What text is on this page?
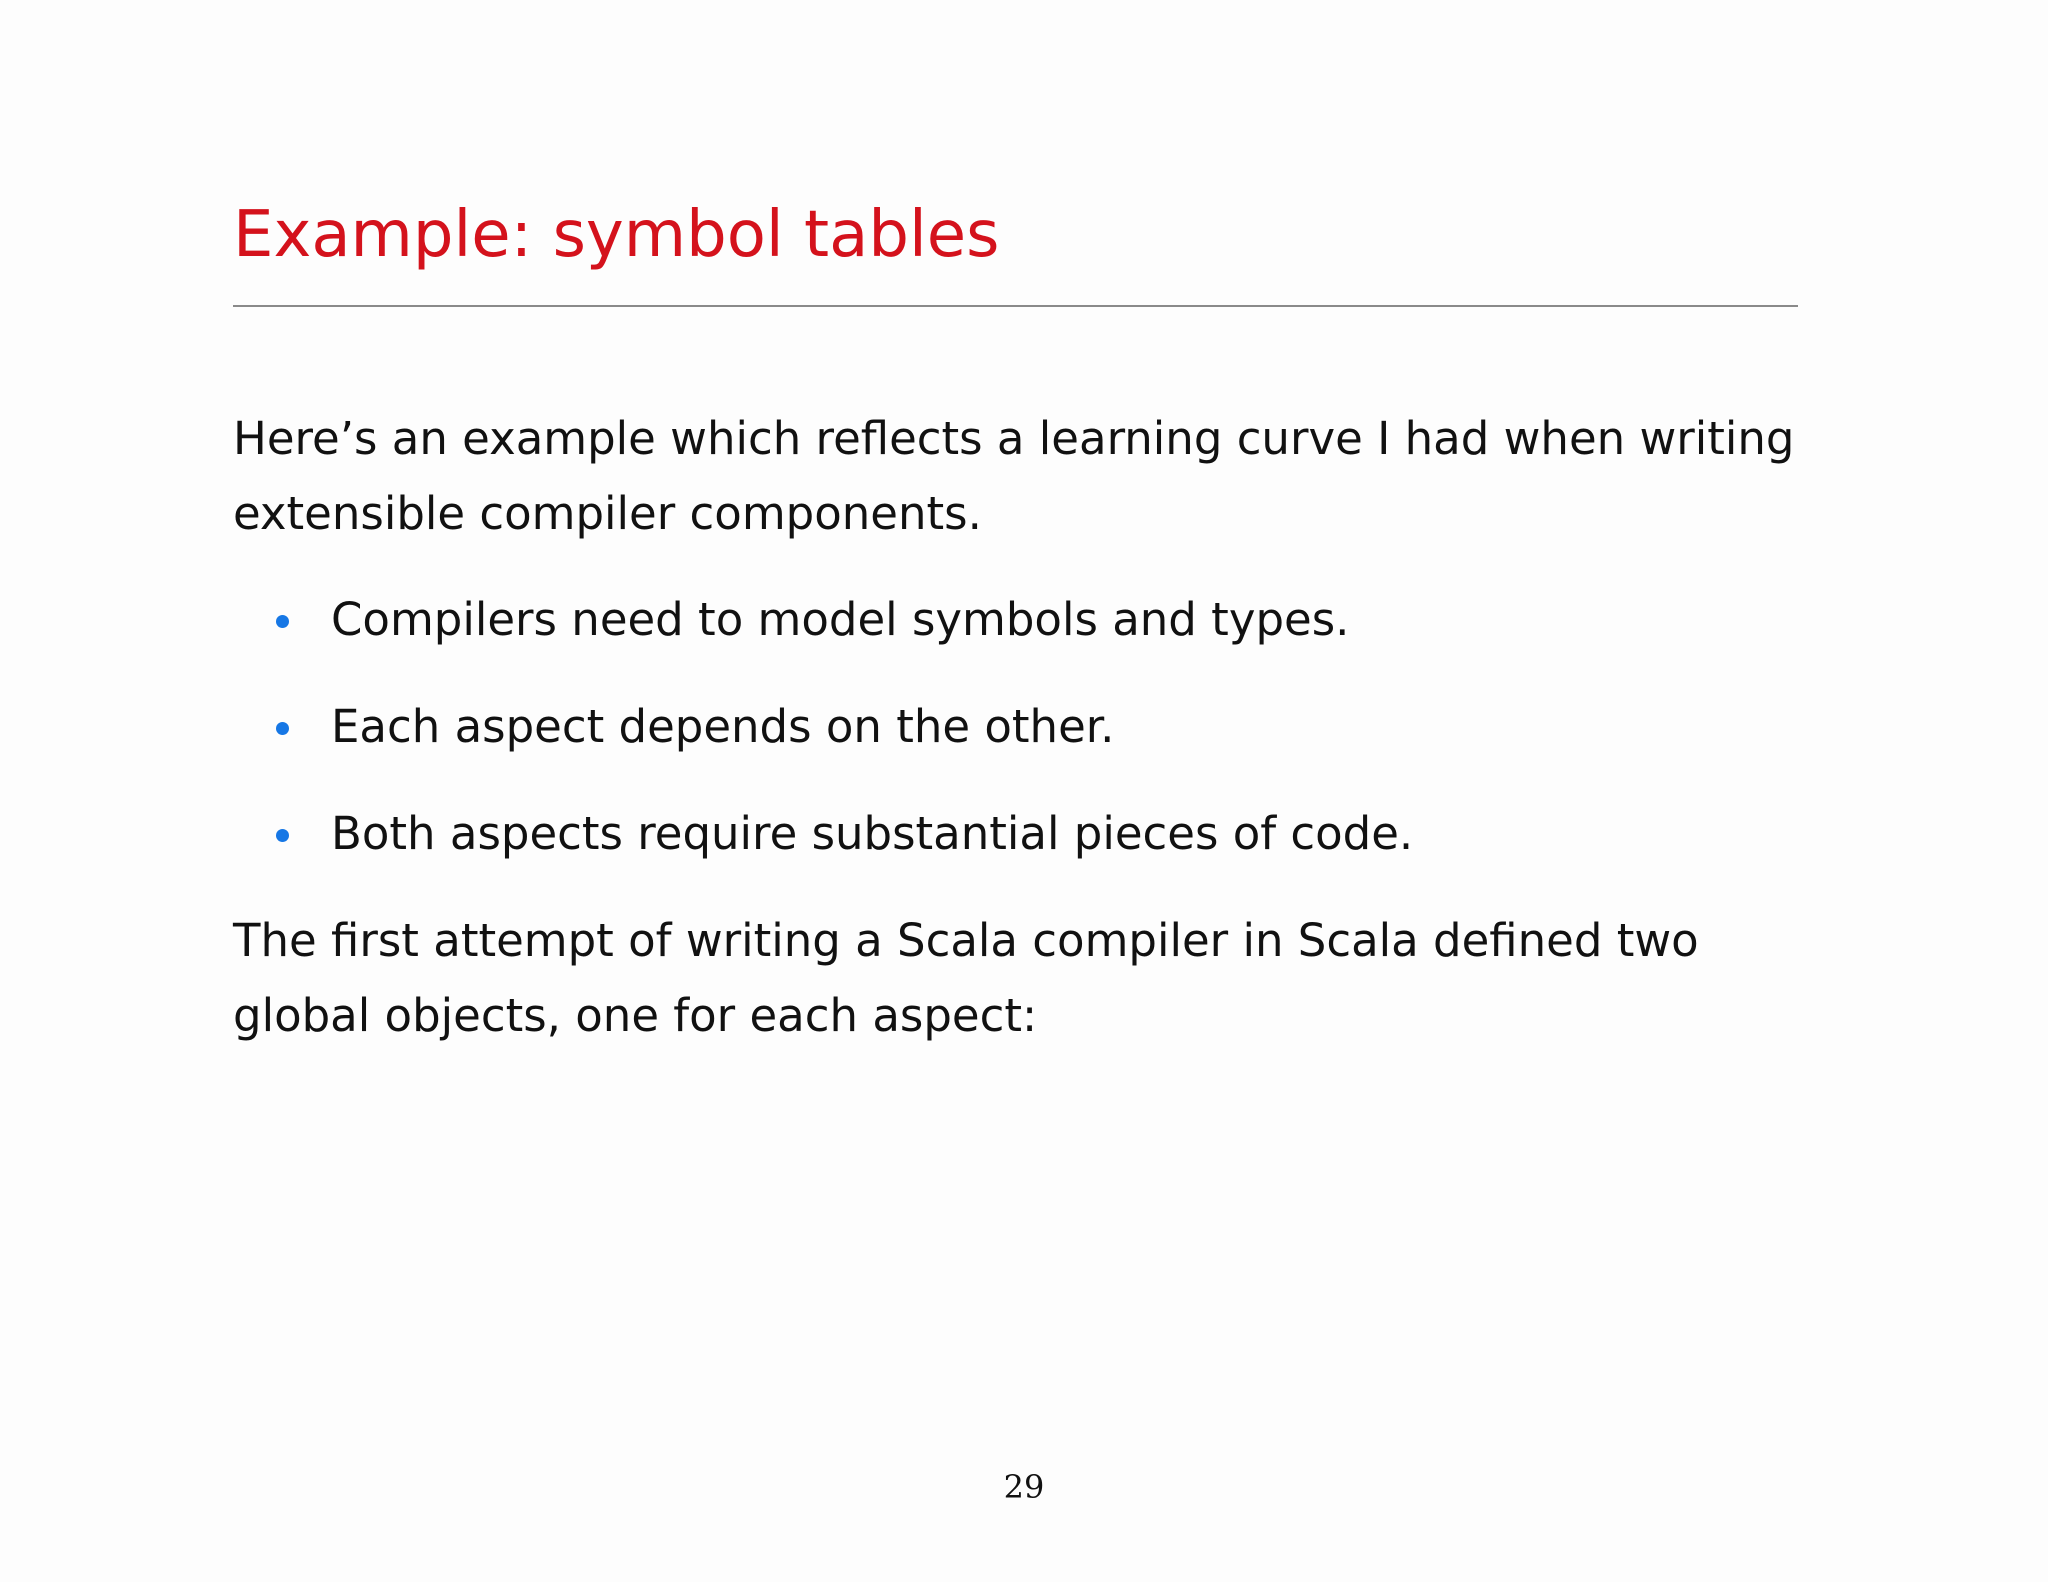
Example: symbol tables

Here’s an example which reflects a learning curve I had when writing
extensible compiler components.

Compilers need to model symbols and types.
Each aspect depends on the other.
Both aspects require substantial pieces of code.

The first attempt of writing a Scala compiler in Scala defined two
global objects, one for each aspect:

29
